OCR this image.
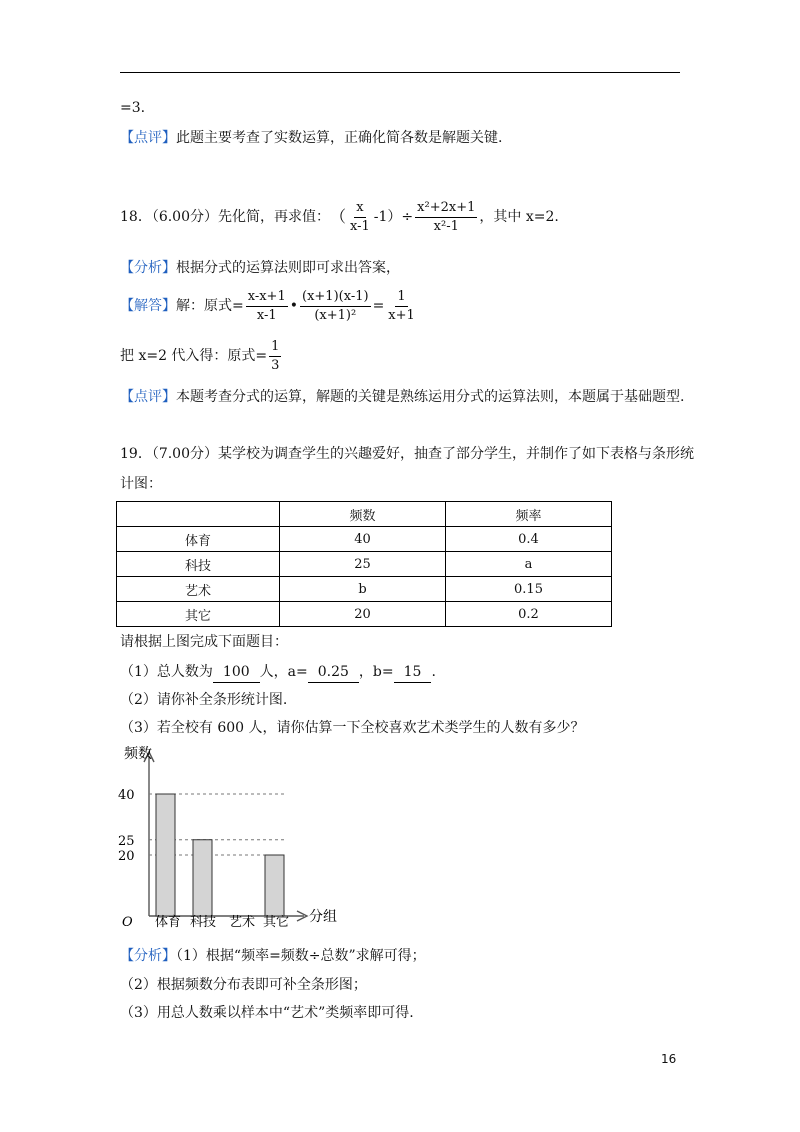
=3.
【点评】此题主要考查了实数运算，正确化简各数是解题关键.
18．（6.00分）先化简，再求值： （ $\frac{x}{x-1} -1)\div \frac{\text{x²+2x+1}}{\text{x²-1}}$ ，其中 x=2.
【分析】根据分式的运算法则即可求出答案，
【解答】 解：原式= $\frac{x-x+1}{x-1}$ • $\frac{(x+1)(x-1)}{\text{(x+1)²}} = \frac{1}{x+1}$
把 x=2 代入得：原式= $\frac{1}{3}$
【点评】本题考查分式的运算，解题的关键是熟练运用分式的运算法则，本题属于基础题型.
19．（7.00分）某学校为调查学生的兴趣爱好，抽查了部分学生，并制作了如下表格与条形统
计图：
	频数	频率
体育	40	0.4
科技	25	a
艺术	b	0.15
其它	20	0.2
请根据上图完成下面题目：
（1）总人数为 100 人，a= 0.25 ，b= 15 .
（2）请你补全条形统计图.
（3）若全校有 600 人，请你估算一下全校喜欢艺术类学生的人数有多少？
频数
分组
O
20
25
40
体育 科技 艺术 其它
【分析】（1）根据“频率=频数÷总数”求解可得；
（2）根据频数分布表即可补全条形图；
（3）用总人数乘以样本中“艺术”类频率即可得.
16
